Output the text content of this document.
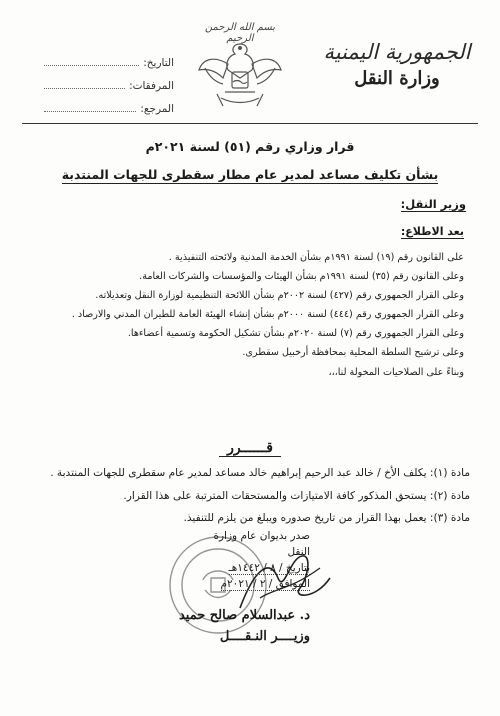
الجمهورية اليمنية
وزارة النقل
بسم الله الرحمن الرحيم
التاريخ:
المرفقات:
المرجع:
قرار وزاري رقم (٥١) لسنة ٢٠٢١م
بشأن تكليف مساعد لمدير عام مطار سقطرى للجهات المنتدبة
وزير النقل:
بعد الاطلاع:
على القانون رقم (١٩) لسنة ١٩٩١م بشأن الخدمة المدنية ولائحته التنفيذية .
وعلى القانون رقم (٣٥) لسنة ١٩٩١م بشأن الهيئات والمؤسسات والشركات العامة.
وعلى القرار الجمهوري رقم (٤٢٧) لسنة ٢٠٠٢م بشأن اللائحة التنظيمية لوزارة النقل وتعديلاته.
وعلى القرار الجمهوري رقم (٤٤٤) لسنة ٢٠٠٠م بشأن إنشاء الهيئة العامة للطيران المدني والارصاد .
وعلى القرار الجمهوري رقم (٧) لسنة ٢٠٢٠م بشأن تشكيل الحكومة وتسمية أعضاءها.
وعلى ترشيح السلطة المحلية بمحافظة أرخبيل سقطرى.
وبناءً على الصلاحيات المخولة لنا،،،
قــــــرر
مادة (١): يكلف الأخ / خالد عبد الرحيم إبراهيم خالد مساعد لمدير عام سقطرى للجهات المنتدبة .
مادة (٢): يستحق المذكور كافة الامتيازات والمستحقات المترتبة على هذا القرار.
مادة (٣): يعمل بهذا القرار من تاريخ صدوره ويبلغ من يلزم للتنفيذ.
صدر بديوان عام وزارة النقل
بتاريخ / ٨ / ١٤٤٢هـ
الموافق / ٢ / ٢٠٢١م
د. عبدالسلام صالح حميد
وزيــــر النـقــــل
